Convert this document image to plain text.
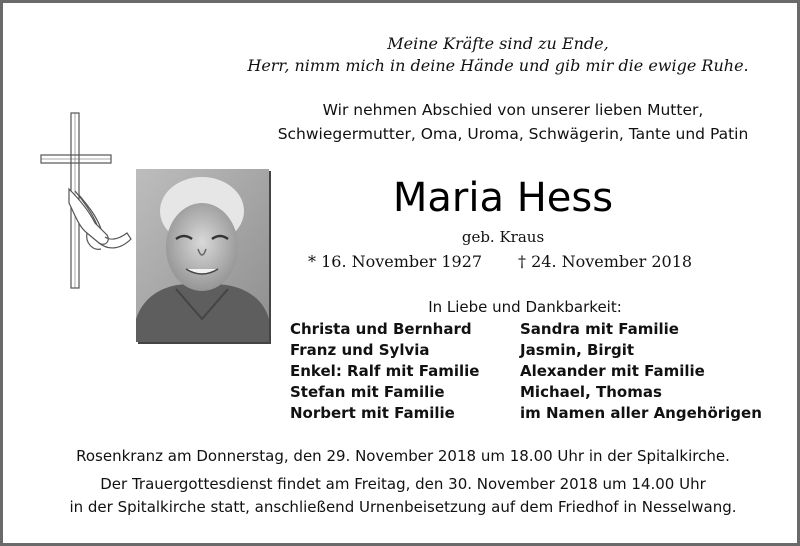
Meine Kräfte sind zu Ende,
Herr, nimm mich in deine Hände und gib mir die ewige Ruhe.
Wir nehmen Abschied von unserer lieben Mutter,
Schwiegermutter, Oma, Uroma, Schwägerin, Tante und Patin
Maria Hess
geb. Kraus
* 16. November 1927 † 24. November 2018
In Liebe und Dankbarkeit:
Christa und Bernhard
Franz und Sylvia
Enkel: Ralf mit Familie
Stefan mit Familie
Norbert mit Familie
Sandra mit Familie
Jasmin, Birgit
Alexander mit Familie
Michael, Thomas
im Namen aller Angehörigen
Rosenkranz am Donnerstag, den 29. November 2018 um 18.00 Uhr in der Spitalkirche.
Der Trauergottesdienst findet am Freitag, den 30. November 2018 um 14.00 Uhr
in der Spitalkirche statt, anschließend Urnenbeisetzung auf dem Friedhof in Nesselwang.
